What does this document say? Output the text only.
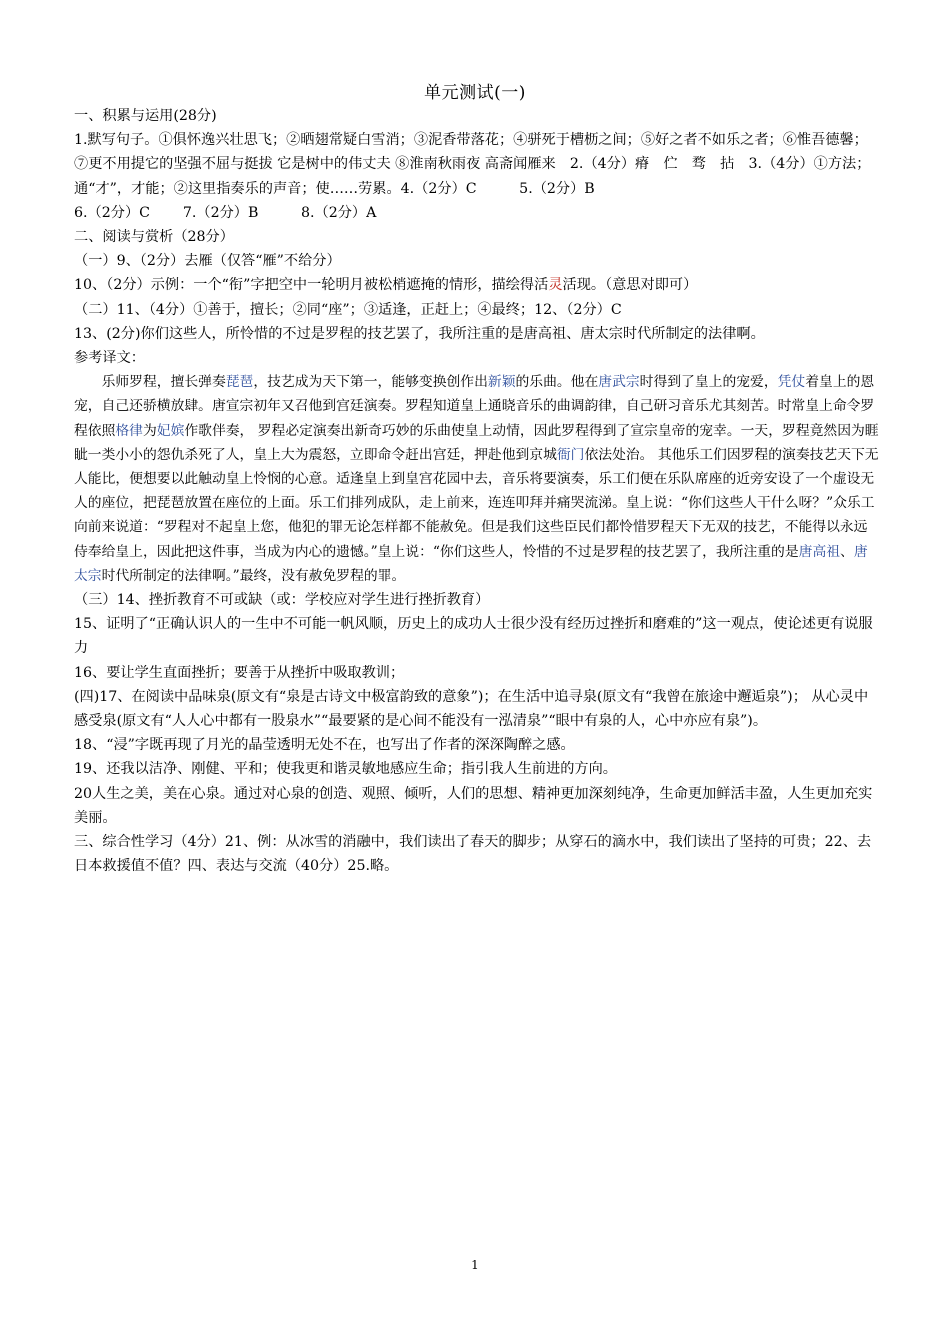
单元测试(一)

一、积累与运用(28分)

1.默写句子。①俱怀逸兴壮思飞；②晒翅常疑白雪消；③泥香带落花；④骈死于槽枥之间；⑤好之者不如乐之者；⑥惟吾德馨；⑦更不用提它的坚强不屈与挺拔 它是树中的伟丈夫 ⑧淮南秋雨夜 高斋闻雁来　2.（4分）瘠　伫　骛　拈　3.（4分）①方法；通“才”，才能；②这里指奏乐的声音；使……劳累。4.（2分）C　　　5.（2分）B

6.（2分）C　　 7.（2分）B　　　8.（2分）A

二、阅读与赏析（28分）

（一）9、（2分）去雁（仅答“雁”不给分）

10、（2分）示例：一个“衔”字把空中一轮明月被松梢遮掩的情形，描绘得活灵活现。（意思对即可）

（二）11、（4分）①善于，擅长；②同“座”；③适逢，正赶上；④最终；12、（2分）C

13、(2分)你们这些人，所怜惜的不过是罗程的技艺罢了，我所注重的是唐高祖、唐太宗时代所制定的法律啊。

参考译文：

乐师罗程，擅长弹奏琵琶，技艺成为天下第一，能够变换创作出新颖的乐曲。他在唐武宗时得到了皇上的宠爱，凭仗着皇上的恩宠，自己还骄横放肆。唐宣宗初年又召他到宫廷演奏。罗程知道皇上通晓音乐的曲调韵律，自己研习音乐尤其刻苦。时常皇上命令罗程依照格律为妃嫔作歌伴奏， 罗程必定演奏出新奇巧妙的乐曲使皇上动情，因此罗程得到了宣宗皇帝的宠幸。一天，罗程竟然因为睚眦一类小小的怨仇杀死了人，皇上大为震怒，立即命令赶出宫廷，押赴他到京城衙门依法处治。 其他乐工们因罗程的演奏技艺天下无人能比，便想要以此触动皇上怜悯的心意。适逢皇上到皇宫花园中去，音乐将要演奏，乐工们便在乐队席座的近旁安设了一个虚设无人的座位，把琵琶放置在座位的上面。乐工们排列成队，走上前来，连连叩拜并痛哭流涕。皇上说：“你们这些人干什么呀？”众乐工向前来说道：“罗程对不起皇上您，他犯的罪无论怎样都不能赦免。但是我们这些臣民们都怜惜罗程天下无双的技艺，不能得以永远侍奉给皇上，因此把这件事，当成为内心的遗憾。”皇上说：“你们这些人，怜惜的不过是罗程的技艺罢了，我所注重的是唐高祖、唐太宗时代所制定的法律啊。”最终，没有赦免罗程的罪。

（三）14、挫折教育不可或缺（或：学校应对学生进行挫折教育）

15、证明了“正确认识人的一生中不可能一帆风顺，历史上的成功人士很少没有经历过挫折和磨难的”这一观点，使论述更有说服力

16、要让学生直面挫折；要善于从挫折中吸取教训；

(四)17、在阅读中品味泉(原文有“泉是古诗文中极富韵致的意象”)；在生活中追寻泉(原文有“我曾在旅途中邂逅泉”)； 从心灵中感受泉(原文有“人人心中都有一股泉水”“最要紧的是心间不能没有一泓清泉”“眼中有泉的人，心中亦应有泉”)。

18、“浸”字既再现了月光的晶莹透明无处不在，也写出了作者的深深陶醉之感。

19、还我以洁净、刚健、平和；使我更和谐灵敏地感应生命；指引我人生前进的方向。

20人生之美，美在心泉。通过对心泉的创造、观照、倾听，人们的思想、精神更加深刻纯净，生命更加鲜活丰盈，人生更加充实美丽。

三、综合性学习（4分）21、例：从冰雪的消融中，我们读出了春天的脚步；从穿石的滴水中，我们读出了坚持的可贵；22、去日本救援值不值？四、表达与交流（40分）25.略。

1
